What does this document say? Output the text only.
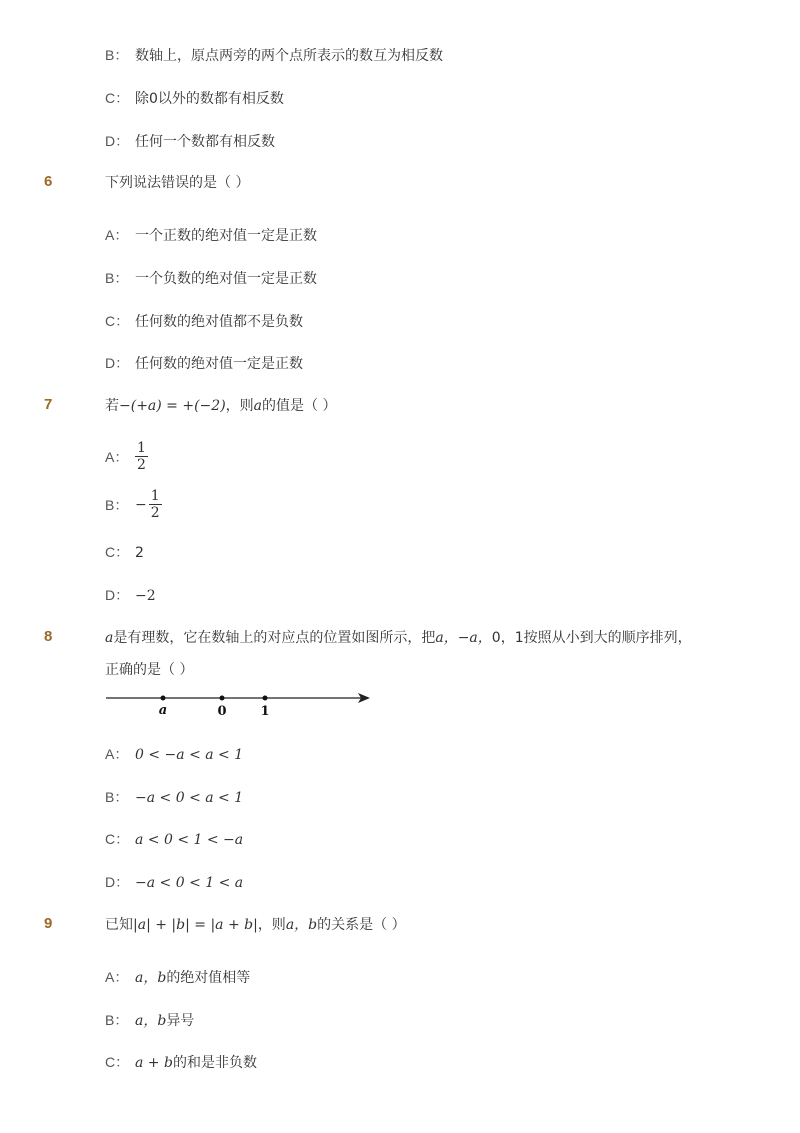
B： 数轴上，原点两旁的两个点所表示的数互为相反数
C： 除0以外的数都有相反数
D： 任何一个数都有相反数
6	下列说法错误的是（ ）
A： 一个正数的绝对值一定是正数
B： 一个负数的绝对值一定是正数
C： 任何数的绝对值都不是负数
D： 任何数的绝对值一定是正数
7	若−(+a) = +(−2)，则a的值是（ ）
A： $\frac{1}{2}$
B： − $\frac{1}{2}$
C： 2
D： −2
8	a是有理数，它在数轴上的对应点的位置如图所示，把a，−a，0，1按照从小到大的顺序排列，
正确的是（ ）
a	0	1
A： 0 < −a < a < 1
B： −a < 0 < a < 1
C： a < 0 < 1 < −a
D： −a < 0 < 1 < a
9	已知|a| + |b| = |a + b|，则a，b的关系是（ ）
A： a，b的绝对值相等
B： a，b异号
C： a + b的和是非负数
